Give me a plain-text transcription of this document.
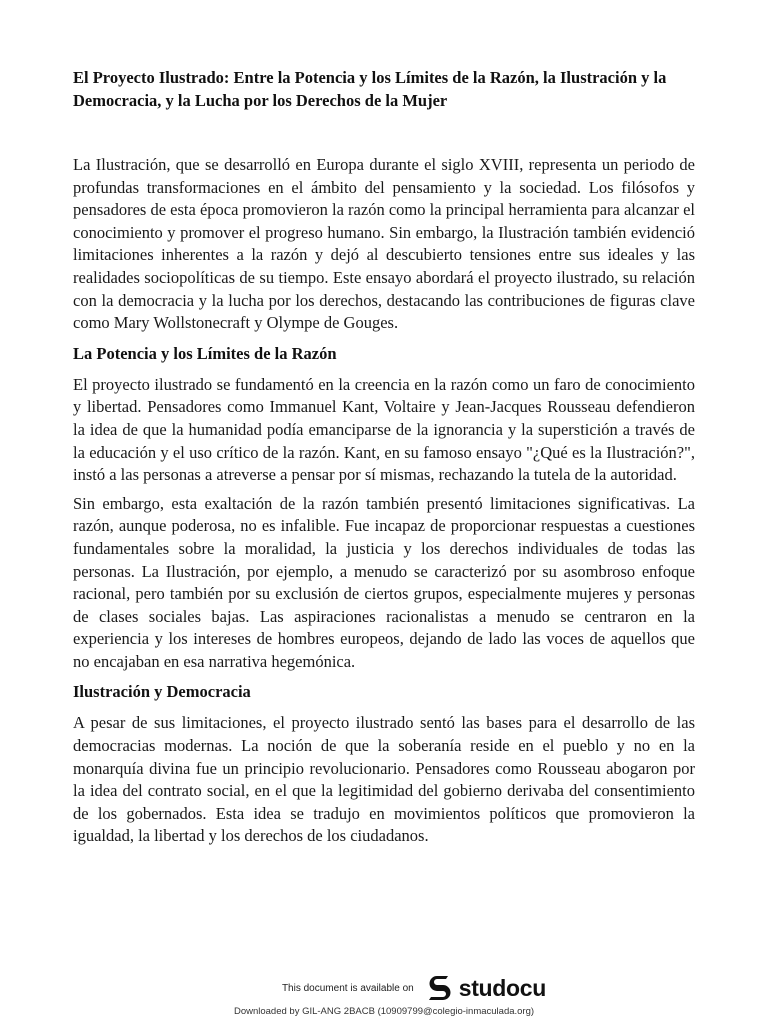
El Proyecto Ilustrado: Entre la Potencia y los Límites de la Razón, la Ilustración y la Democracia, y la Lucha por los Derechos de la Mujer

La Ilustración, que se desarrolló en Europa durante el siglo XVIII, representa un periodo de profundas transformaciones en el ámbito del pensamiento y la sociedad. Los filósofos y pensadores de esta época promovieron la razón como la principal herramienta para alcanzar el conocimiento y promover el progreso humano. Sin embargo, la Ilustración también evidenció limitaciones inherentes a la razón y dejó al descubierto tensiones entre sus ideales y las realidades sociopolíticas de su tiempo. Este ensayo abordará el proyecto ilustrado, su relación con la democracia y la lucha por los derechos, destacando las contribuciones de figuras clave como Mary Wollstonecraft y Olympe de Gouges.

La Potencia y los Límites de la Razón

El proyecto ilustrado se fundamentó en la creencia en la razón como un faro de conocimiento y libertad. Pensadores como Immanuel Kant, Voltaire y Jean-Jacques Rousseau defendieron la idea de que la humanidad podía emanciparse de la ignorancia y la superstición a través de la educación y el uso crítico de la razón. Kant, en su famoso ensayo "¿Qué es la Ilustración?", instó a las personas a atreverse a pensar por sí mismas, rechazando la tutela de la autoridad.

Sin embargo, esta exaltación de la razón también presentó limitaciones significativas. La razón, aunque poderosa, no es infalible. Fue incapaz de proporcionar respuestas a cuestiones fundamentales sobre la moralidad, la justicia y los derechos individuales de todas las personas. La Ilustración, por ejemplo, a menudo se caracterizó por su asombroso enfoque racional, pero también por su exclusión de ciertos grupos, especialmente mujeres y personas de clases sociales bajas. Las aspiraciones racionalistas a menudo se centraron en la experiencia y los intereses de hombres europeos, dejando de lado las voces de aquellos que no encajaban en esa narrativa hegemónica.

Ilustración y Democracia

A pesar de sus limitaciones, el proyecto ilustrado sentó las bases para el desarrollo de las democracias modernas. La noción de que la soberanía reside en el pueblo y no en la monarquía divina fue un principio revolucionario. Pensadores como Rousseau abogaron por la idea del contrato social, en el que la legitimidad del gobierno derivaba del consentimiento de los gobernados. Esta idea se tradujo en movimientos políticos que promovieron la igualdad, la libertad y los derechos de los ciudadanos.

This document is available on studocu
Downloaded by GIL-ANG 2BACB (10909799@colegio-inmaculada.org)
